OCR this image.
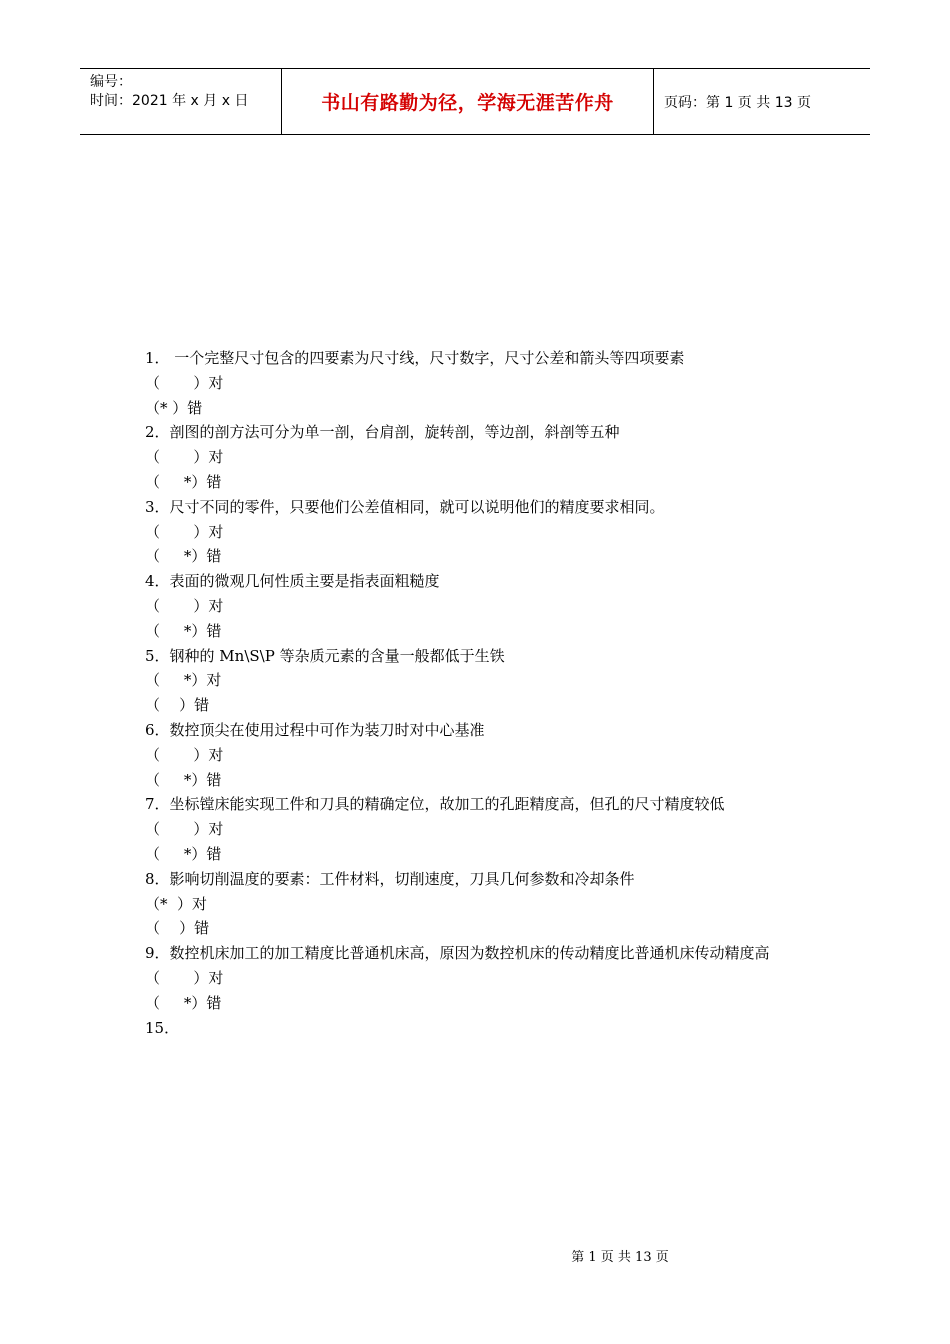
编号：
时间：2021 年 x 月 x 日	书山有路勤为径，学海无涯苦作舟	页码：第 1 页 共 13 页
1． 一个完整尺寸包含的四要素为尺寸线，尺寸数字，尺寸公差和箭头等四项要素
（       ）对
（* ）错
2．剖图的剖方法可分为单一剖，台肩剖，旋转剖，等边剖，斜剖等五种
（       ）对
（     *）错
3．尺寸不同的零件，只要他们公差值相同，就可以说明他们的精度要求相同。
（       ）对
（     *）错
4．表面的微观几何性质主要是指表面粗糙度
（       ）对
（     *）错
5．钢种的 Mn\S\P 等杂质元素的含量一般都低于生铁
（     *）对
（    ）错
6．数控顶尖在使用过程中可作为装刀时对中心基准
（       ）对
（     *）错
7．坐标镗床能实现工件和刀具的精确定位，故加工的孔距精度高，但孔的尺寸精度较低
（       ）对
（     *）错
8．影响切削温度的要素：工件材料，切削速度，刀具几何参数和冷却条件
（*  ）对
（    ）错
9．数控机床加工的加工精度比普通机床高，原因为数控机床的传动精度比普通机床传动精度高
（       ）对
（     *）错
15．
第 1 页 共 13 页
